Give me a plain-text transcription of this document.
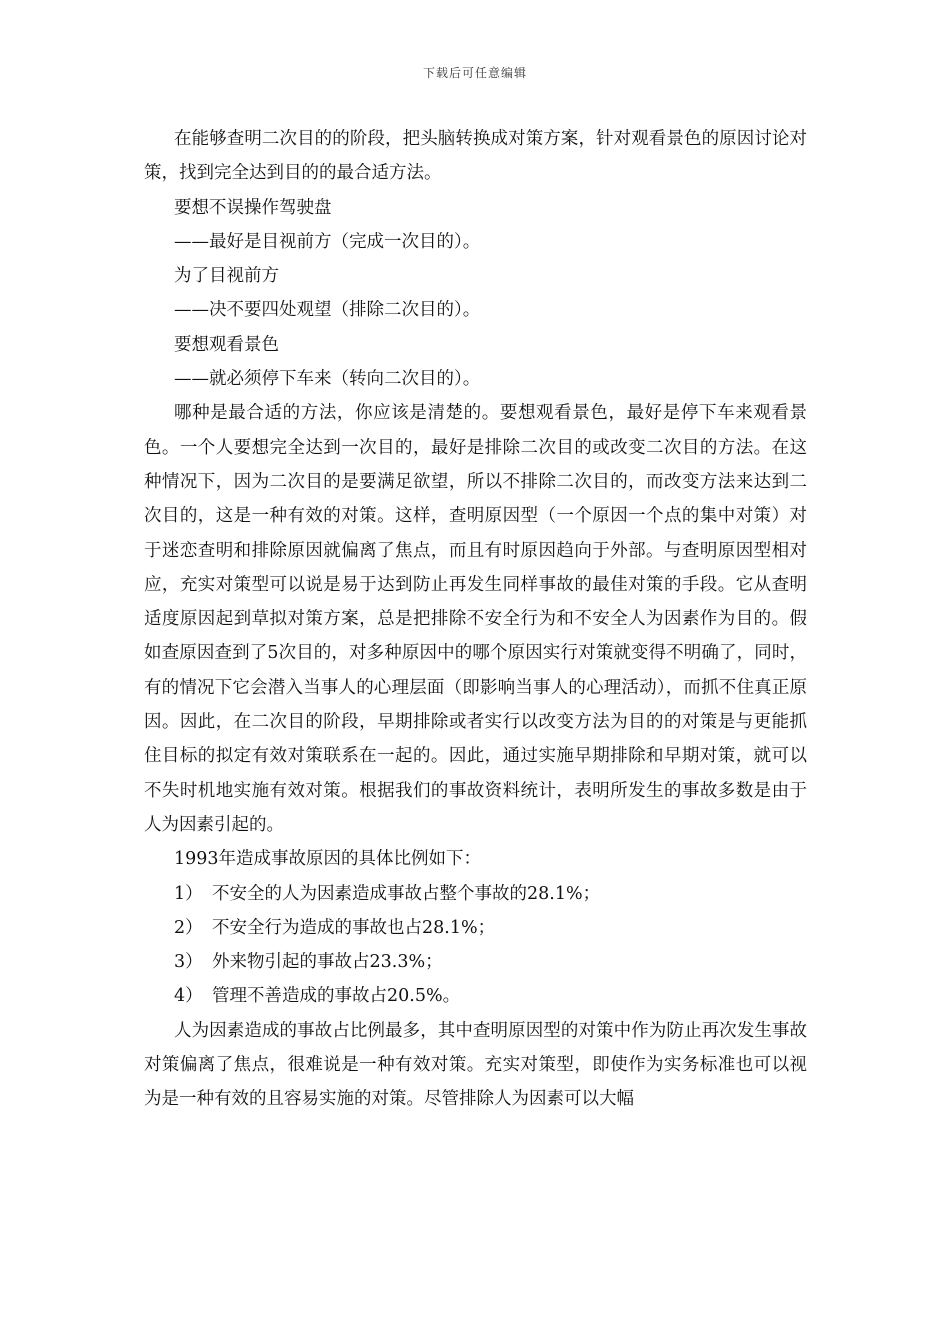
下载后可任意编辑

在能够查明二次目的的阶段，把头脑转换成对策方案，针对观看景色的原因讨论对策，找到完全达到目的的最合适方法。

要想不误操作驾驶盘

——最好是目视前方（完成一次目的）。

为了目视前方

——决不要四处观望（排除二次目的）。

要想观看景色

——就必须停下车来（转向二次目的）。

哪种是最合适的方法，你应该是清楚的。要想观看景色，最好是停下车来观看景色。一个人要想完全达到一次目的，最好是排除二次目的或改变二次目的方法。在这种情况下，因为二次目的是要满足欲望，所以不排除二次目的，而改变方法来达到二次目的，这是一种有效的对策。这样，查明原因型（一个原因一个点的集中对策）对于迷恋查明和排除原因就偏离了焦点，而且有时原因趋向于外部。与查明原因型相对应，充实对策型可以说是易于达到防止再发生同样事故的最佳对策的手段。它从查明适度原因起到草拟对策方案，总是把排除不安全行为和不安全人为因素作为目的。假如查原因查到了5次目的，对多种原因中的哪个原因实行对策就变得不明确了，同时，有的情况下它会潜入当事人的心理层面（即影响当事人的心理活动），而抓不住真正原因。因此，在二次目的阶段，早期排除或者实行以改变方法为目的的对策是与更能抓住目标的拟定有效对策联系在一起的。因此，通过实施早期排除和早期对策，就可以不失时机地实施有效对策。根据我们的事故资料统计，表明所发生的事故多数是由于人为因素引起的。

1993年造成事故原因的具体比例如下：

1） 不安全的人为因素造成事故占整个事故的28.1%；

2） 不安全行为造成的事故也占28.1%；

3） 外来物引起的事故占23.3%；

4） 管理不善造成的事故占20.5%。

人为因素造成的事故占比例最多，其中查明原因型的对策中作为防止再次发生事故对策偏离了焦点，很难说是一种有效对策。充实对策型，即使作为实务标准也可以视为是一种有效的且容易实施的对策。尽管排除人为因素可以大幅
